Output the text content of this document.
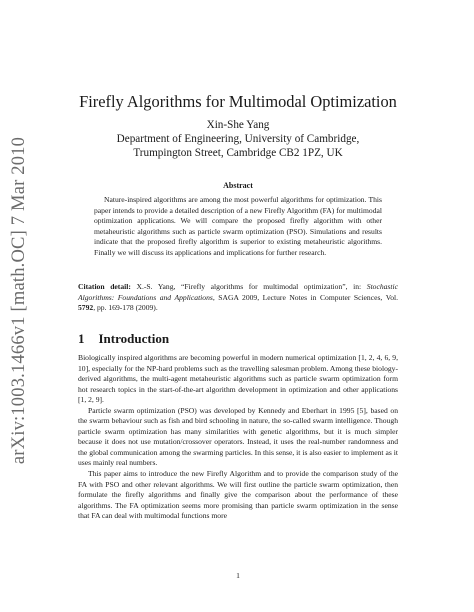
arXiv:1003.1466v1 [math.OC] 7 Mar 2010
Firefly Algorithms for Multimodal Optimization
Xin-She Yang
Department of Engineering, University of Cambridge,
Trumpington Street, Cambridge CB2 1PZ, UK
Abstract
Nature-inspired algorithms are among the most powerful algorithms for optimization. This paper intends to provide a detailed description of a new Firefly Algorithm (FA) for multimodal optimization applications. We will compare the proposed firefly algorithm with other metaheuristic algorithms such as particle swarm optimization (PSO). Simulations and results indicate that the proposed firefly algorithm is superior to existing metaheuristic algorithms. Finally we will discuss its applications and implications for further research.
Citation detail: X.-S. Yang, “Firefly algorithms for multimodal optimization”, in: Stochastic Algorithms: Foundations and Applications, SAGA 2009, Lecture Notes in Computer Sciences, Vol. 5792, pp. 169-178 (2009).
1 Introduction

Biologically inspired algorithms are becoming powerful in modern numerical optimization [1, 2, 4, 6, 9, 10], especially for the NP-hard problems such as the travelling salesman problem. Among these biology-derived algorithms, the multi-agent metaheuristic algorithms such as particle swarm optimization form hot research topics in the start-of-the-art algorithm development in optimization and other applications [1, 2, 9].

Particle swarm optimization (PSO) was developed by Kennedy and Eberhart in 1995 [5], based on the swarm behaviour such as fish and bird schooling in nature, the so-called swarm intelligence. Though particle swarm optimization has many similarities with genetic algorithms, but it is much simpler because it does not use mutation/crossover operators. Instead, it uses the real-number randomness and the global communication among the swarming particles. In this sense, it is also easier to implement as it uses mainly real numbers.

This paper aims to introduce the new Firefly Algorithm and to provide the comparison study of the FA with PSO and other relevant algorithms. We will first outline the particle swarm optimization, then formulate the firefly algorithms and finally give the comparison about the performance of these algorithms. The FA optimization seems more promising than particle swarm optimization in the sense that FA can deal with multimodal functions more

1
